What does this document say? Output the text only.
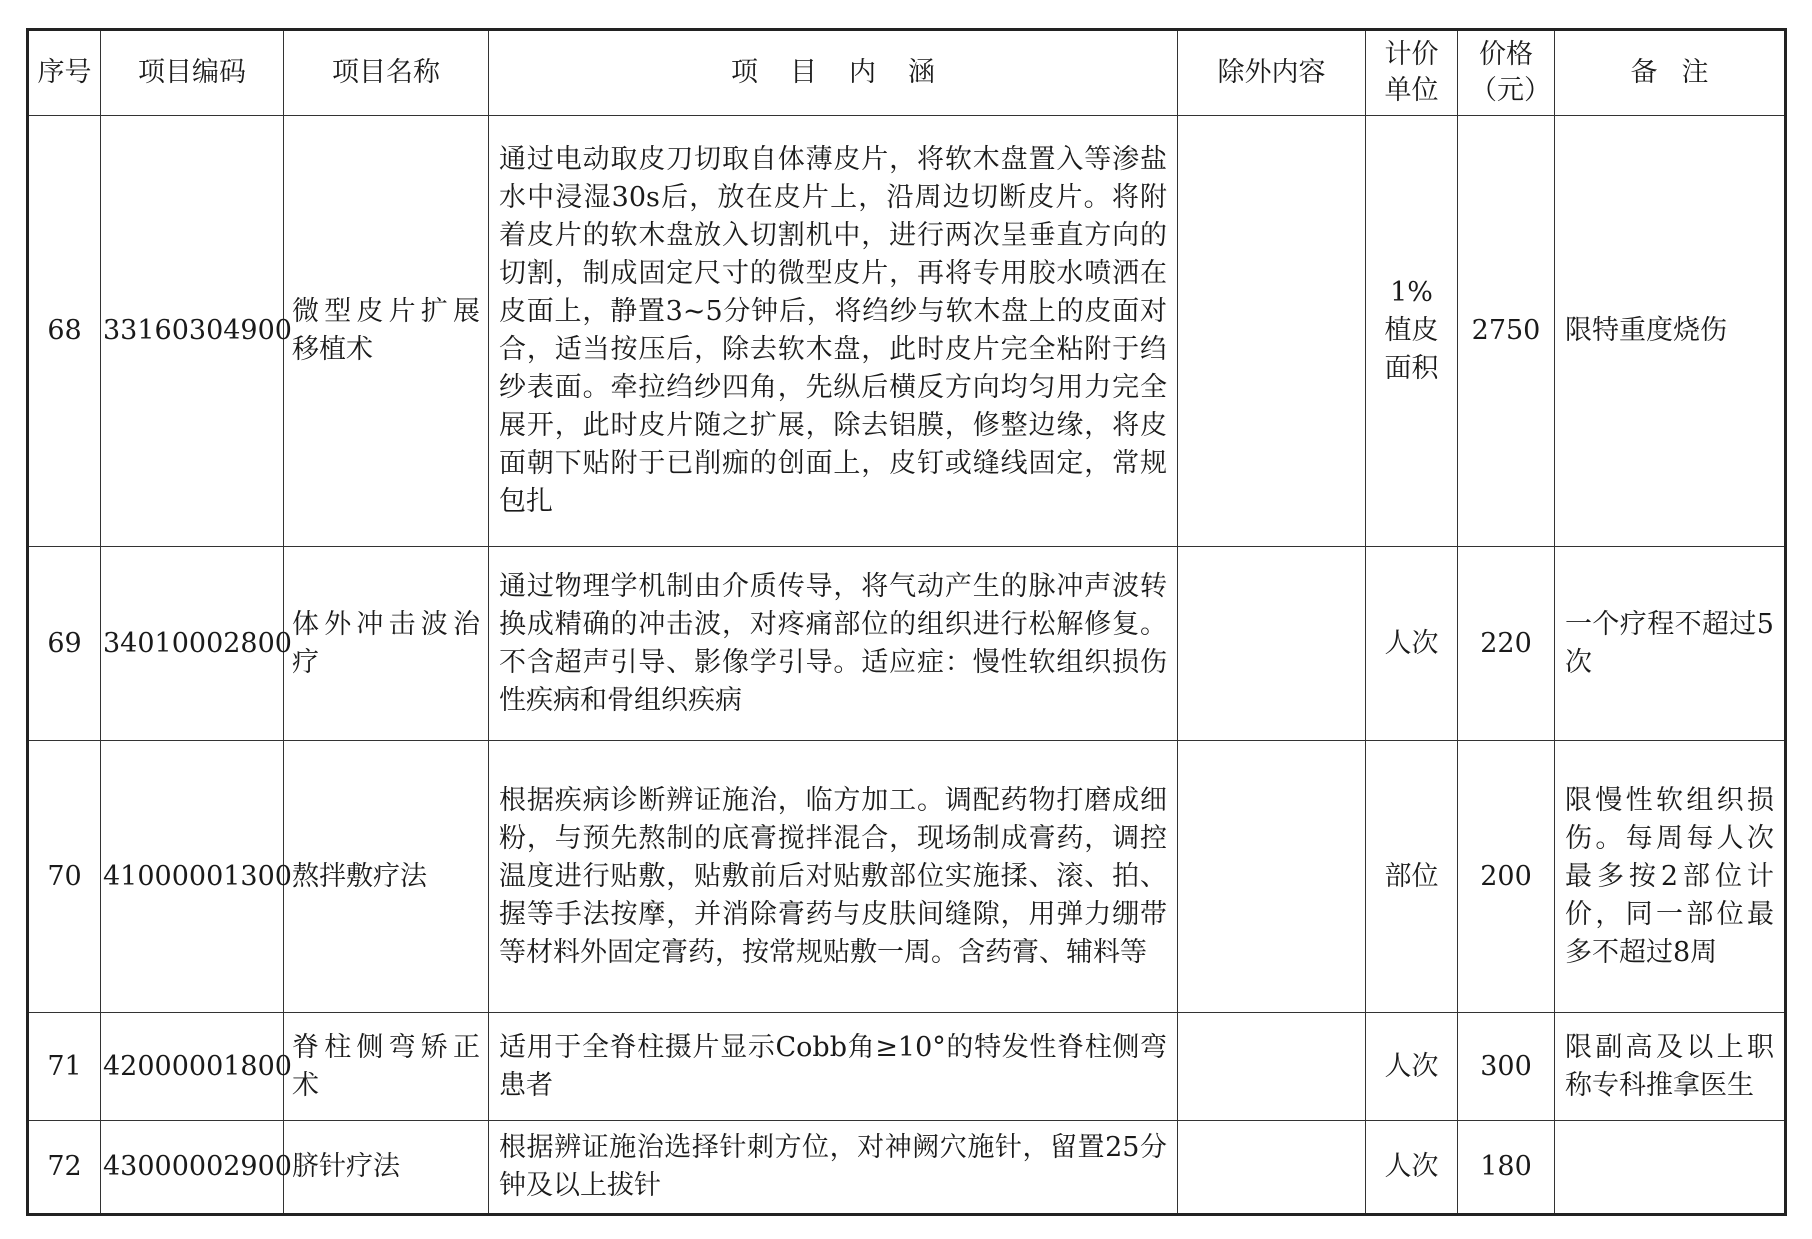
序号	项目编码	项目名称	项目内涵	除外内容	计价单位	价格（元）	备注
68	33160304900	微型皮片扩展移植术	通过电动取皮刀切取自体薄皮片，将软木盘置入等渗盐水中浸湿30s后，放在皮片上，沿周边切断皮片。将附着皮片的软木盘放入切割机中，进行两次呈垂直方向的切割，制成固定尺寸的微型皮片，再将专用胶水喷洒在皮面上，静置3~5分钟后，将绉纱与软木盘上的皮面对合，适当按压后，除去软木盘，此时皮片完全粘附于绉纱表面。牵拉绉纱四角，先纵后横反方向均匀用力完全展开，此时皮片随之扩展，除去铝膜，修整边缘，将皮面朝下贴附于已削痂的创面上，皮钉或缝线固定，常规包扎		1%植皮面积	2750	限特重度烧伤
69	34010002800	体外冲击波治疗	通过物理学机制由介质传导，将气动产生的脉冲声波转换成精确的冲击波，对疼痛部位的组织进行松解修复。不含超声引导、影像学引导。适应症：慢性软组织损伤性疾病和骨组织疾病		人次	220	一个疗程不超过5次
70	41000001300	熬拌敷疗法	根据疾病诊断辨证施治，临方加工。调配药物打磨成细粉，与预先熬制的底膏搅拌混合，现场制成膏药，调控温度进行贴敷，贴敷前后对贴敷部位实施揉、滚、拍、握等手法按摩，并消除膏药与皮肤间缝隙，用弹力绷带等材料外固定膏药，按常规贴敷一周。含药膏、辅料等		部位	200	限慢性软组织损伤。每周每人次最多按2部位计价，同一部位最多不超过8周
71	42000001800	脊柱侧弯矫正术	适用于全脊柱摄片显示Cobb角≥10°的特发性脊柱侧弯患者		人次	300	限副高及以上职称专科推拿医生
72	43000002900	脐针疗法	根据辨证施治选择针刺方位，对神阙穴施针，留置25分钟及以上拔针		人次	180	
